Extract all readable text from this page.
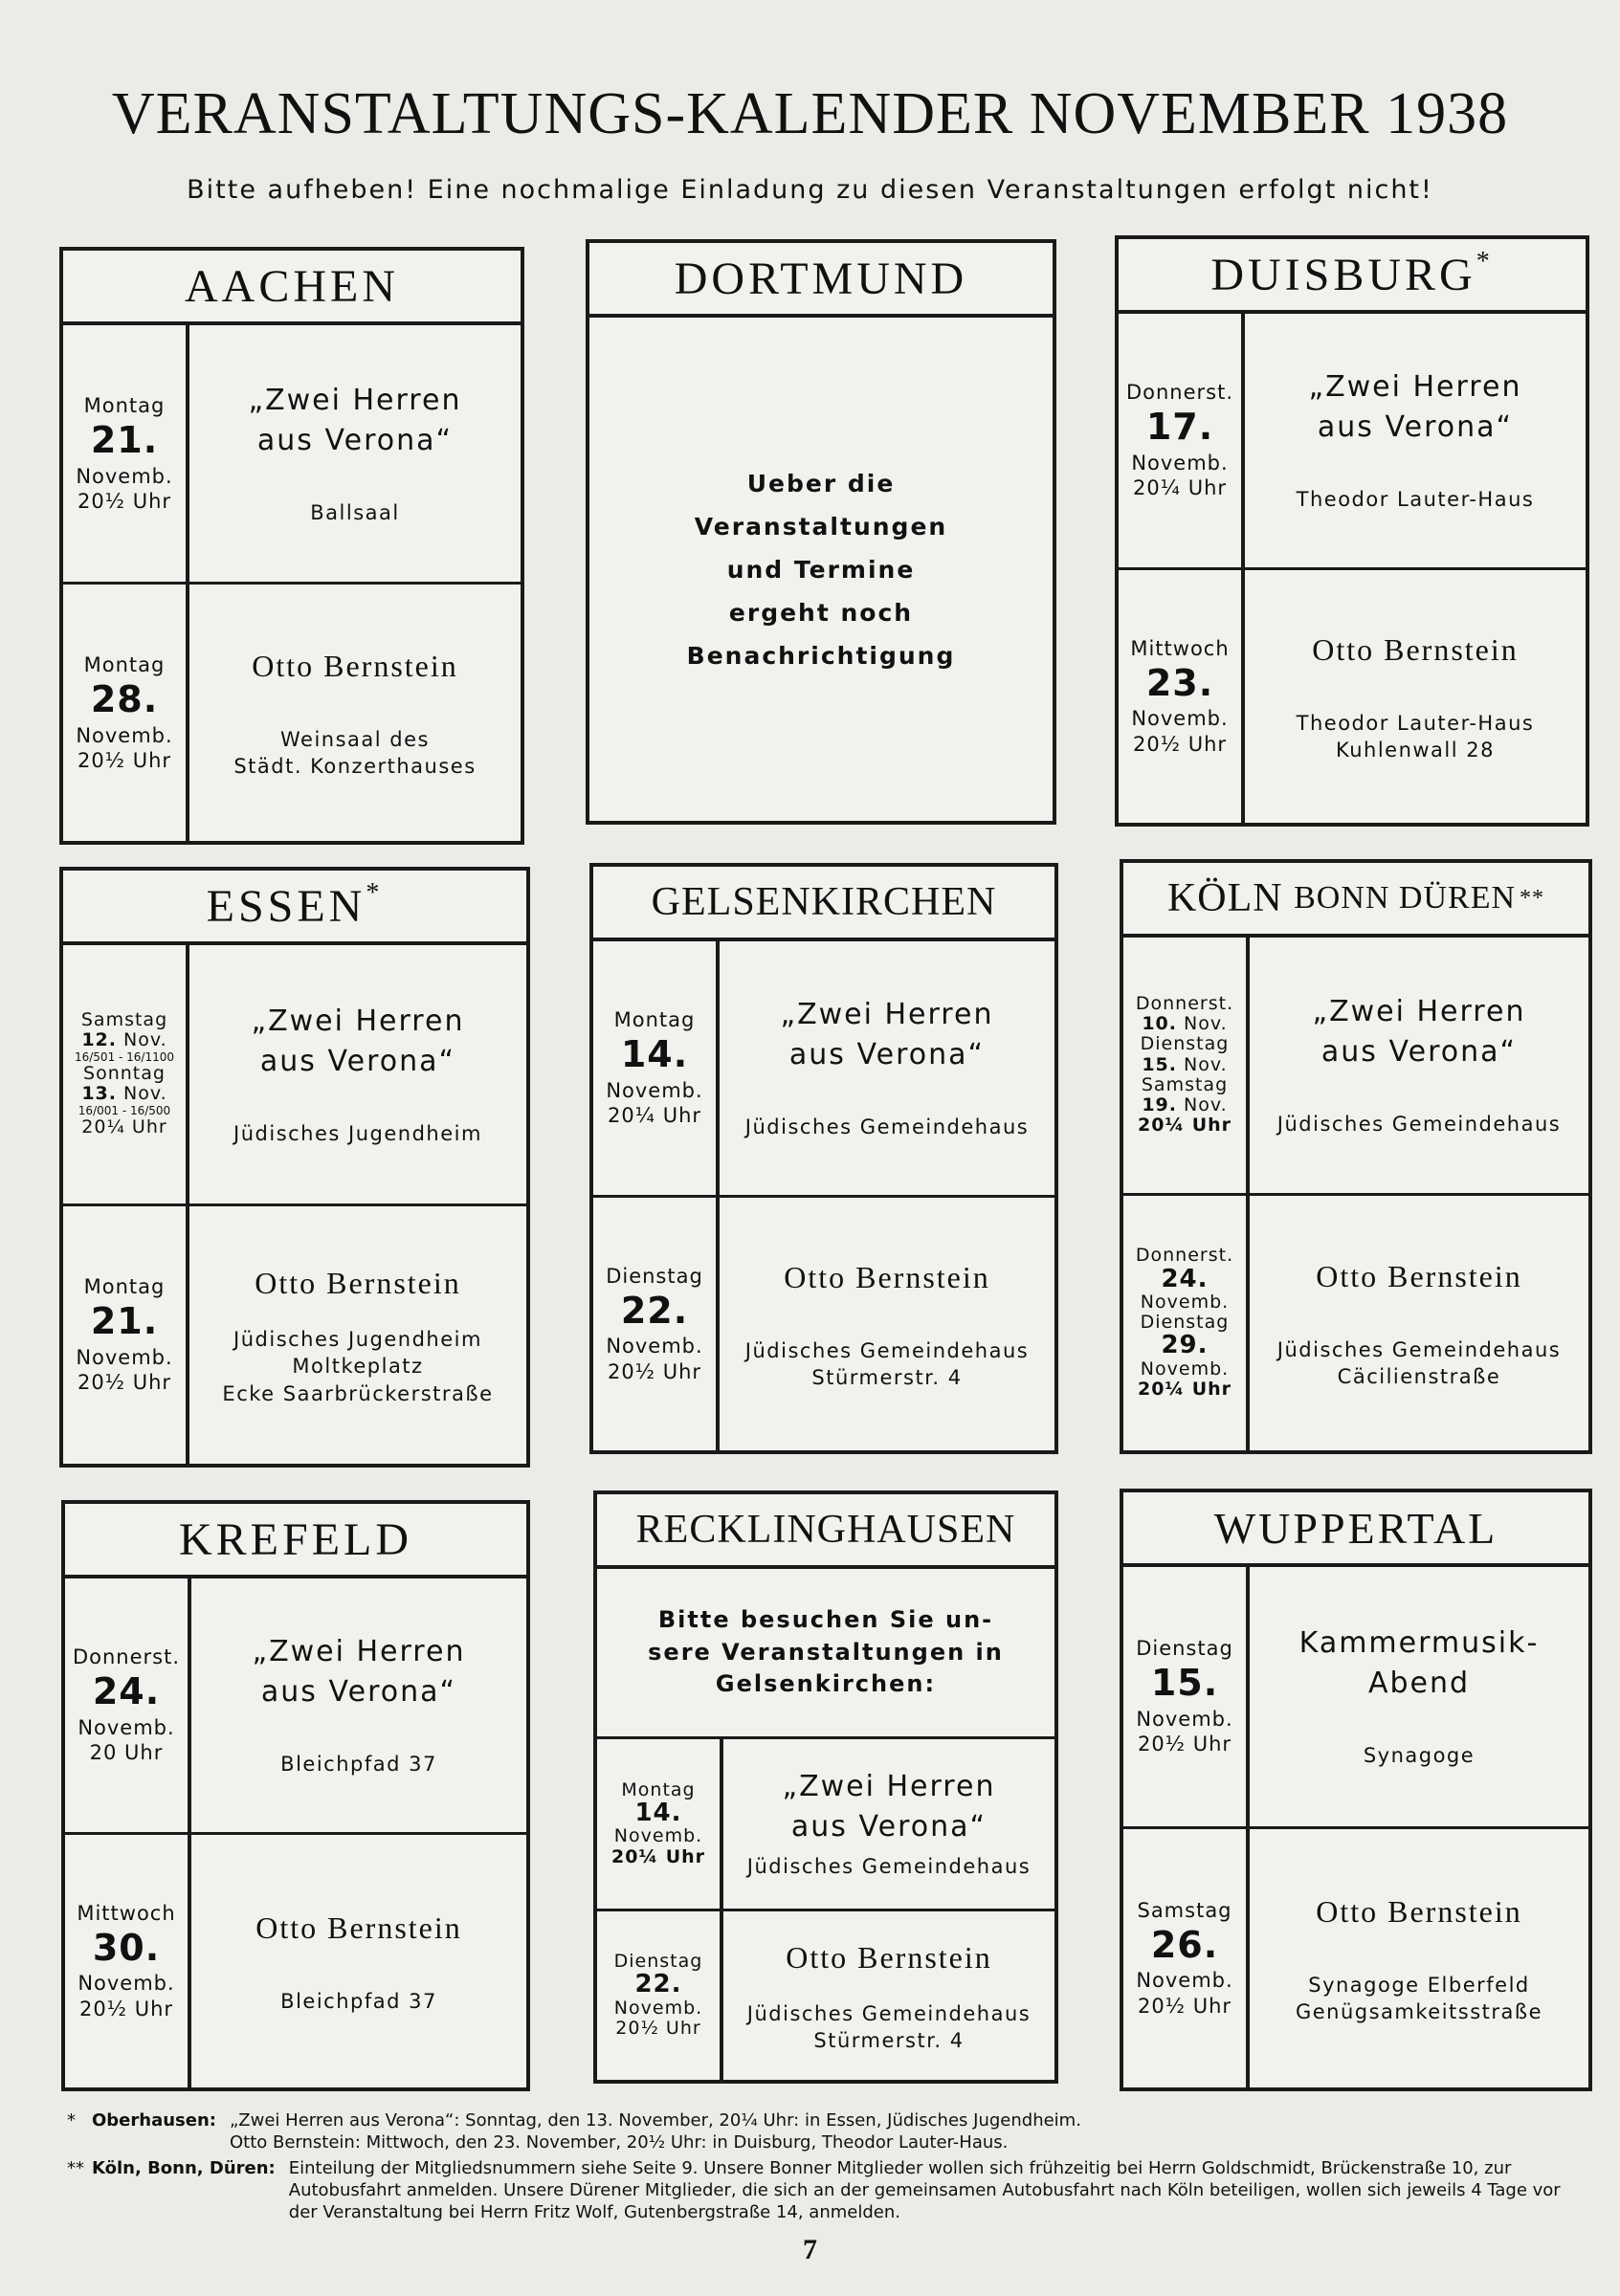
VERANSTALTUNGS-KALENDER NOVEMBER 1938
Bitte aufheben! Eine nochmalige Einladung zu diesen Veranstaltungen erfolgt nicht!
AACHEN
Montag
21.
Novemb.
20½ Uhr
„Zwei Herren
aus Verona“
Ballsaal
Montag
28.
Novemb.
20½ Uhr
Otto Bernstein
Weinsaal des
Städt. Konzerthauses
DORTMUND
Ueber die
Veranstaltungen
und Termine
ergeht noch
Benachrichtigung
DUISBURG *
Donnerst.
17.
Novemb.
20¼ Uhr
„Zwei Herren
aus Verona“
Theodor Lauter-Haus
Mittwoch
23.
Novemb.
20½ Uhr
Otto Bernstein
Theodor Lauter-Haus
Kuhlenwall 28
ESSEN *
Samstag
12. Nov.
16/501 - 16/1100
Sonntag
13. Nov.
16/001 - 16/500
20¼ Uhr
„Zwei Herren
aus Verona“
Jüdisches Jugendheim
Montag
21.
Novemb.
20½ Uhr
Otto Bernstein
Jüdisches Jugendheim
Moltkeplatz
Ecke Saarbrückerstraße
GELSENKIRCHEN
Montag
14.
Novemb.
20¼ Uhr
„Zwei Herren
aus Verona“
Jüdisches Gemeindehaus
Dienstag
22.
Novemb.
20½ Uhr
Otto Bernstein
Jüdisches Gemeindehaus
Stürmerstr. 4
KÖLN
BONN DÜREN **
Donnerst.
10. Nov.
Dienstag
15. Nov.
Samstag
19. Nov.
20¼ Uhr
„Zwei Herren
aus Verona“
Jüdisches Gemeindehaus
Donnerst.
24.
Novemb.
Dienstag
29.
Novemb.
20¼ Uhr
Otto Bernstein
Jüdisches Gemeindehaus
Cäcilienstraße
KREFELD
Donnerst.
24.
Novemb.
20 Uhr
„Zwei Herren
aus Verona“
Bleichpfad 37
Mittwoch
30.
Novemb.
20½ Uhr
Otto Bernstein
Bleichpfad 37
RECKLINGHAUSEN
Bitte besuchen Sie un-
sere Veranstaltungen in
Gelsenkirchen:
Montag
14.
Novemb.
20¼ Uhr
„Zwei Herren
aus Verona“
Jüdisches Gemeindehaus
Dienstag
22.
Novemb.
20½ Uhr
Otto Bernstein
Jüdisches Gemeindehaus
Stürmerstr. 4
WUPPERTAL
Dienstag
15.
Novemb.
20½ Uhr
Kammermusik-
Abend
Synagoge
Samstag
26.
Novemb.
20½ Uhr
Otto Bernstein
Synagoge Elberfeld
Genügsamkeitsstraße
* Oberhausen: „Zwei Herren aus Verona“: Sonntag, den 13. November, 20¼ Uhr: in Essen, Jüdisches Jugendheim.
Otto Bernstein: Mittwoch, den 23. November, 20½ Uhr: in Duisburg, Theodor Lauter-Haus.
** Köln, Bonn, Düren: Einteilung der Mitgliedsnummern siehe Seite 9. Unsere Bonner Mitglieder wollen sich frühzeitig bei Herrn Goldschmidt, Brückenstraße 10, zur Autobusfahrt anmelden. Unsere Dürener Mitglieder, die sich an der gemeinsamen Autobusfahrt nach Köln beteiligen, wollen sich jeweils 4 Tage vor der Veranstaltung bei Herrn Fritz Wolf, Gutenbergstraße 14, anmelden.
7
